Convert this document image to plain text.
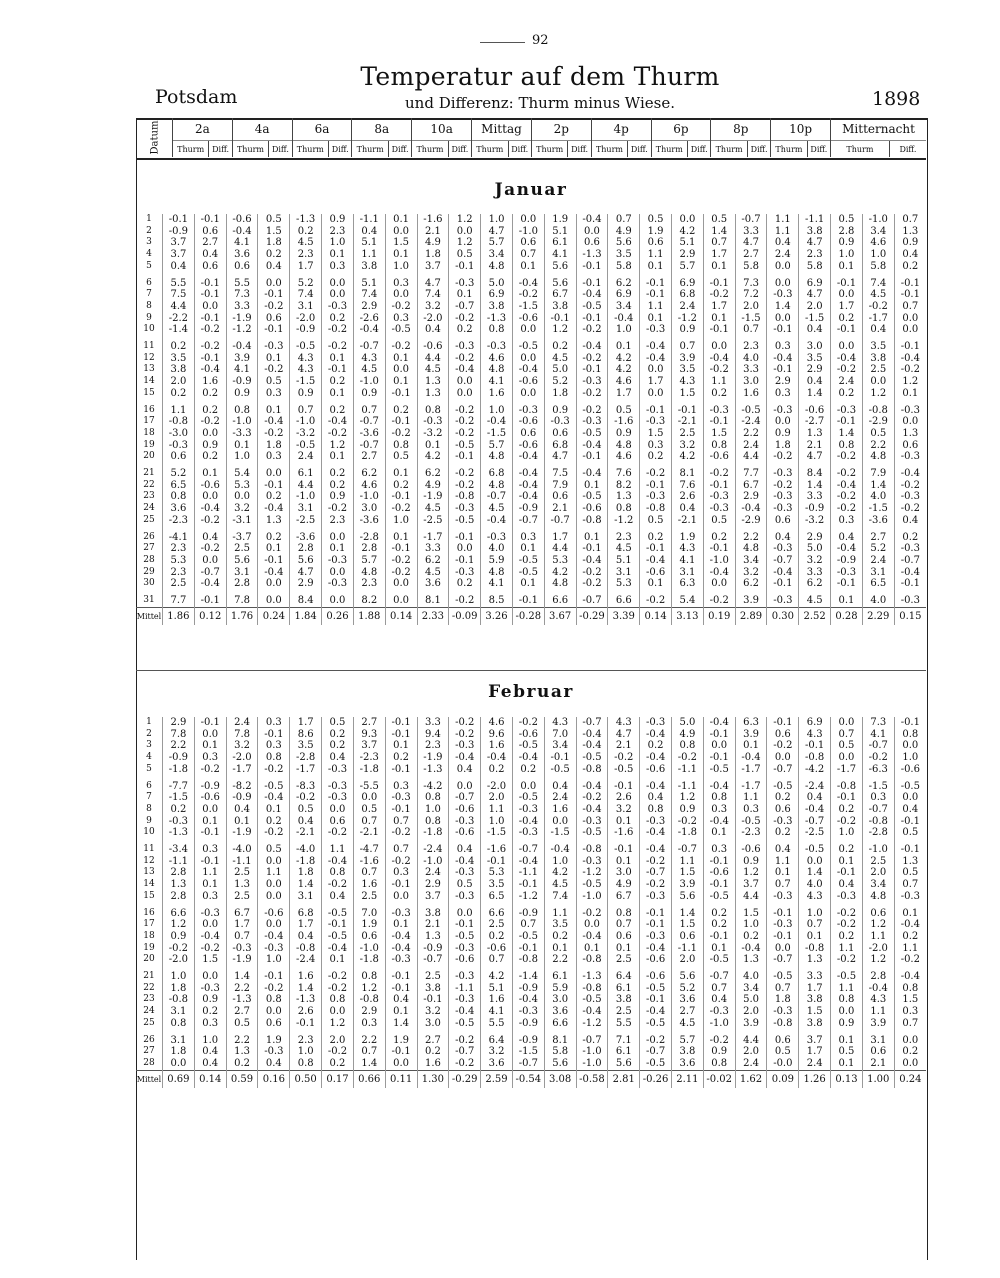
92
Potsdam
Temperatur auf dem Thurm
und Differenz: Thurm minus Wiese.	1898
Datum	2a		4a		6a		8a		10a		Mittag		2p		4p		6p		8p		10p		Mitternacht	
	Thurm	Diff.	Thurm	Diff.	Thurm	Diff.	Thurm	Diff.	Thurm	Diff.	Thurm	Diff.	Thurm	Diff.	Thurm	Diff.	Thurm	Diff.	Thurm	Diff.	Thurm	Diff.	Thurm	Diff.
Januar
1	-0.1	-0.1	-0.6	0.5	-1.3	0.9	-1.1	0.1	-1.6	1.2	1.0	0.0	1.9	-0.4	0.7	0.5	0.0	0.5	-0.7	1.1	-1.1	0.5	-1.0	0.7
2	-0.9	0.6	-0.4	1.5	0.2	2.3	0.4	0.0	2.1	0.0	4.7	-1.0	5.1	0.0	4.9	1.9	4.2	1.4	3.3	1.1	3.8	2.8	3.4	1.3
3	3.7	2.7	4.1	1.8	4.5	1.0	5.1	1.5	4.9	1.2	5.7	0.6	6.1	0.6	5.6	0.6	5.1	0.7	4.7	0.4	4.7	0.9	4.6	0.9
4	3.7	0.4	3.6	0.2	2.3	0.1	1.1	0.1	1.8	0.5	3.4	0.7	4.1	-1.3	3.5	1.1	2.9	1.7	2.7	2.4	2.3	1.0	1.0	0.4
5	0.4	0.6	0.6	0.4	1.7	0.3	3.8	1.0	3.7	-0.1	4.8	0.1	5.6	-0.1	5.8	0.1	5.7	0.1	5.8	0.0	5.8	0.1	5.8	0.2

6	5.5	-0.1	5.5	0.0	5.2	0.0	5.1	0.3	4.7	-0.3	5.0	-0.4	5.6	-0.1	6.2	-0.1	6.9	-0.1	7.3	0.0	6.9	-0.1	7.4	-0.1
7	7.5	-0.1	7.3	-0.1	7.4	0.0	7.4	0.0	7.4	0.1	6.9	-0.2	6.7	-0.4	6.9	-0.1	6.8	-0.2	7.2	-0.3	4.7	0.0	4.5	-0.1
8	4.4	0.0	3.3	-0.2	3.1	-0.3	2.9	-0.2	3.2	-0.7	3.8	-1.5	3.8	-0.5	3.4	1.1	2.4	1.7	2.0	1.4	2.0	1.7	-0.2	0.7
9	-2.2	-0.1	-1.9	0.6	-2.0	0.2	-2.6	0.3	-2.0	-0.2	-1.3	-0.6	-0.1	-0.1	-0.4	0.1	-1.2	0.1	-1.5	0.0	-1.5	0.2	-1.7	0.0
10	-1.4	-0.2	-1.2	-0.1	-0.9	-0.2	-0.4	-0.5	0.4	0.2	0.8	0.0	1.2	-0.2	1.0	-0.3	0.9	-0.1	0.7	-0.1	0.4	-0.1	0.4	0.0

11	0.2	-0.2	-0.4	-0.3	-0.5	-0.2	-0.7	-0.2	-0.6	-0.3	-0.3	-0.5	0.2	-0.4	0.1	-0.4	0.7	0.0	2.3	0.3	3.0	0.0	3.5	-0.1
12	3.5	-0.1	3.9	0.1	4.3	0.1	4.3	0.1	4.4	-0.2	4.6	0.0	4.5	-0.2	4.2	-0.4	3.9	-0.4	4.0	-0.4	3.5	-0.4	3.8	-0.4
13	3.8	-0.4	4.1	-0.2	4.3	-0.1	4.5	0.0	4.5	-0.4	4.8	-0.4	5.0	-0.1	4.2	0.0	3.5	-0.2	3.3	-0.1	2.9	-0.2	2.5	-0.2
14	2.0	1.6	-0.9	0.5	-1.5	0.2	-1.0	0.1	1.3	0.0	4.1	-0.6	5.2	-0.3	4.6	1.7	4.3	1.1	3.0	2.9	0.4	2.4	0.0	1.2
15	0.2	0.2	0.9	0.3	0.9	0.1	0.9	-0.1	1.3	0.0	1.6	0.0	1.8	-0.2	1.7	0.0	1.5	0.2	1.6	0.3	1.4	0.2	1.2	0.1

16	1.1	0.2	0.8	0.1	0.7	0.2	0.7	0.2	0.8	-0.2	1.0	-0.3	0.9	-0.2	0.5	-0.1	-0.1	-0.3	-0.5	-0.3	-0.6	-0.3	-0.8	-0.3
17	-0.8	-0.2	-1.0	-0.4	-1.0	-0.4	-0.7	-0.1	-0.3	-0.2	-0.4	-0.6	-0.3	-0.3	-1.6	-0.3	-2.1	-0.1	-2.4	0.0	-2.7	-0.1	-2.9	0.0
18	-3.0	0.0	-3.3	-0.2	-3.2	-0.2	-3.6	-0.2	-3.2	-0.2	-1.5	0.6	0.6	-0.5	0.9	1.5	2.5	1.5	2.2	0.9	1.3	1.4	0.5	1.3
19	-0.3	0.9	0.1	1.8	-0.5	1.2	-0.7	0.8	0.1	-0.5	5.7	-0.6	6.8	-0.4	4.8	0.3	3.2	0.8	2.4	1.8	2.1	0.8	2.2	0.6
20	0.6	0.2	1.0	0.3	2.4	0.1	2.7	0.5	4.2	-0.1	4.8	-0.4	4.7	-0.1	4.6	0.2	4.2	-0.6	4.4	-0.2	4.7	-0.2	4.8	-0.3

21	5.2	0.1	5.4	0.0	6.1	0.2	6.2	0.1	6.2	-0.2	6.8	-0.4	7.5	-0.4	7.6	-0.2	8.1	-0.2	7.7	-0.3	8.4	-0.2	7.9	-0.4
22	6.5	-0.6	5.3	-0.1	4.4	0.2	4.6	0.2	4.9	-0.2	4.8	-0.4	7.9	0.1	8.2	-0.1	7.6	-0.1	6.7	-0.2	1.4	-0.4	1.4	-0.2
23	0.8	0.0	0.0	0.2	-1.0	0.9	-1.0	-0.1	-1.9	-0.8	-0.7	-0.4	0.6	-0.5	1.3	-0.3	2.6	-0.3	2.9	-0.3	3.3	-0.2	4.0	-0.3
24	3.6	-0.4	3.2	-0.4	3.1	-0.2	3.0	-0.2	4.5	-0.3	4.5	-0.9	2.1	-0.6	0.8	-0.8	0.4	-0.3	-0.4	-0.3	-0.9	-0.2	-1.5	-0.2
25	-2.3	-0.2	-3.1	1.3	-2.5	2.3	-3.6	1.0	-2.5	-0.5	-0.4	-0.7	-0.7	-0.8	-1.2	0.5	-2.1	0.5	-2.9	0.6	-3.2	0.3	-3.6	0.4

26	-4.1	0.4	-3.7	0.2	-3.6	0.0	-2.8	0.1	-1.7	-0.1	-0.3	0.3	1.7	0.1	2.3	0.2	1.9	0.2	2.2	0.4	2.9	0.4	2.7	0.2
27	2.3	-0.2	2.5	0.1	2.8	0.1	2.8	-0.1	3.3	0.0	4.0	0.1	4.4	-0.1	4.5	-0.1	4.3	-0.1	4.8	-0.3	5.0	-0.4	5.2	-0.3
28	5.3	0.0	5.6	-0.1	5.6	-0.3	5.7	-0.2	6.2	-0.1	5.9	-0.5	5.3	-0.4	5.1	-0.4	4.1	-1.0	3.4	-0.7	3.2	-0.9	2.4	-0.7
29	2.3	-0.7	3.1	-0.4	4.7	0.0	4.8	-0.2	4.5	-0.3	4.8	-0.5	4.2	-0.2	3.1	-0.6	3.1	-0.4	3.2	-0.4	3.3	-0.3	3.1	-0.4
30	2.5	-0.4	2.8	0.0	2.9	-0.3	2.3	0.0	3.6	0.2	4.1	0.1	4.8	-0.2	5.3	0.1	6.3	0.0	6.2	-0.1	6.2	-0.1	6.5	-0.1

31	7.7	-0.1	7.8	0.0	8.4	0.0	8.2	0.0	8.1	-0.2	8.5	-0.1	6.6	-0.7	6.6	-0.2	5.4	-0.2	3.9	-0.3	4.5	0.1	4.0	-0.3
Mittel	1.86	0.12	1.76	0.24	1.84	0.26	1.88	0.14	2.33	-0.09	3.26	-0.28	3.67	-0.29	3.39	0.14	3.13	0.19	2.89	0.30	2.52	0.28	2.29	0.15
Februar
1	2.9	-0.1	2.4	0.3	1.7	0.5	2.7	-0.1	3.3	-0.2	4.6	-0.2	4.3	-0.7	4.3	-0.3	5.0	-0.4	6.3	-0.1	6.9	0.0	7.3	-0.1
2	7.8	0.0	7.8	-0.1	8.6	0.2	9.3	-0.1	9.4	-0.2	9.6	-0.6	7.0	-0.4	4.7	-0.4	4.9	-0.1	3.9	0.6	4.3	0.7	4.1	0.8
3	2.2	0.1	3.2	0.3	3.5	0.2	3.7	0.1	2.3	-0.3	1.6	-0.5	3.4	-0.4	2.1	0.2	0.8	0.0	0.1	-0.2	-0.1	0.5	-0.7	0.0
4	-0.9	0.3	-2.0	0.8	-2.8	0.4	-2.3	0.2	-1.9	-0.4	-0.4	-0.4	-0.1	-0.5	-0.2	-0.4	-0.2	-0.1	-0.4	0.0	-0.8	0.0	-0.2	1.0
5	-1.8	-0.2	-1.7	-0.2	-1.7	-0.3	-1.8	-0.1	-1.3	0.4	0.2	0.2	-0.5	-0.8	-0.5	-0.6	-1.1	-0.5	-1.7	-0.7	-4.2	-1.7	-6.3	-0.6

6	-7.7	-0.9	-8.2	-0.5	-8.3	-0.3	-5.5	0.3	-4.2	0.0	-2.0	0.0	0.4	-0.4	-0.1	-0.4	-1.1	-0.4	-1.7	-0.5	-2.4	-0.8	-1.5	-0.5
7	-1.5	-0.6	-0.9	-0.4	-0.2	-0.3	0.0	-0.3	0.8	-0.7	2.0	-0.5	2.4	-0.2	2.6	0.4	1.2	0.8	1.1	0.2	0.4	-0.1	0.3	0.0
8	0.2	0.0	0.4	0.1	0.5	0.0	0.5	-0.1	1.0	-0.6	1.1	-0.3	1.6	-0.4	3.2	0.8	0.9	0.3	0.3	0.6	-0.4	0.2	-0.7	0.4
9	-0.3	0.1	0.1	0.2	0.4	0.6	0.7	0.7	0.8	-0.3	1.0	-0.4	0.0	-0.3	0.1	-0.3	-0.2	-0.4	-0.5	-0.3	-0.7	-0.2	-0.8	-0.1
10	-1.3	-0.1	-1.9	-0.2	-2.1	-0.2	-2.1	-0.2	-1.8	-0.6	-1.5	-0.3	-1.5	-0.5	-1.6	-0.4	-1.8	0.1	-2.3	0.2	-2.5	1.0	-2.8	0.5

11	-3.4	0.3	-4.0	0.5	-4.0	1.1	-4.7	0.7	-2.4	0.4	-1.6	-0.7	-0.4	-0.8	-0.1	-0.4	-0.7	0.3	-0.6	0.4	-0.5	0.2	-1.0	-0.1
12	-1.1	-0.1	-1.1	0.0	-1.8	-0.4	-1.6	-0.2	-1.0	-0.4	-0.1	-0.4	1.0	-0.3	0.1	-0.2	1.1	-0.1	0.9	1.1	0.0	0.1	2.5	1.3
13	2.8	1.1	2.5	1.1	1.8	0.8	0.7	0.3	2.4	-0.3	5.3	-1.1	4.2	-1.2	3.0	-0.7	1.5	-0.6	1.2	0.1	1.4	-0.1	2.0	0.5
14	1.3	0.1	1.3	0.0	1.4	-0.2	1.6	-0.1	2.9	0.5	3.5	-0.1	4.5	-0.5	4.9	-0.2	3.9	-0.1	3.7	0.7	4.0	0.4	3.4	0.7
15	2.8	0.3	2.5	0.0	3.1	0.4	2.5	0.0	3.7	-0.3	6.5	-1.2	7.4	-1.0	6.7	-0.3	5.6	-0.5	4.4	-0.3	4.3	-0.3	4.8	-0.3

16	6.6	-0.3	6.7	-0.6	6.8	-0.5	7.0	-0.3	3.8	0.0	6.6	-0.9	1.1	-0.2	0.8	-0.1	1.4	0.2	1.5	-0.1	1.0	-0.2	0.6	0.1
17	1.2	0.0	1.7	0.0	1.7	-0.1	1.9	0.1	2.1	-0.1	2.5	0.7	3.5	0.0	0.7	-0.1	1.5	0.2	1.0	-0.3	0.7	-0.2	1.2	-0.4
18	0.9	-0.4	0.7	-0.4	0.4	-0.5	0.6	-0.4	1.3	-0.5	0.2	-0.5	0.2	-0.4	0.6	-0.3	0.6	-0.1	0.2	-0.1	0.1	0.2	1.1	0.2
19	-0.2	-0.2	-0.3	-0.3	-0.8	-0.4	-1.0	-0.4	-0.9	-0.3	-0.6	-0.1	0.1	0.1	0.1	-0.4	-1.1	0.1	-0.4	0.0	-0.8	1.1	-2.0	1.1
20	-2.0	1.5	-1.9	1.0	-2.4	0.1	-1.8	-0.3	-0.7	-0.6	0.7	-0.8	2.2	-0.8	2.5	-0.6	2.0	-0.5	1.3	-0.7	1.3	-0.2	1.2	-0.2

21	1.0	0.0	1.4	-0.1	1.6	-0.2	0.8	-0.1	2.5	-0.3	4.2	-1.4	6.1	-1.3	6.4	-0.6	5.6	-0.7	4.0	-0.5	3.3	-0.5	2.8	-0.4
22	1.8	-0.3	2.2	-0.2	1.4	-0.2	1.2	-0.1	3.8	-1.1	5.1	-0.9	5.9	-0.8	6.1	-0.5	5.2	0.7	3.4	0.7	1.7	1.1	-0.4	0.8
23	-0.8	0.9	-1.3	0.8	-1.3	0.8	-0.8	0.4	-0.1	-0.3	1.6	-0.4	3.0	-0.5	3.8	-0.1	3.6	0.4	5.0	1.8	3.8	0.8	4.3	1.5
24	3.1	0.2	2.7	0.0	2.6	0.0	2.9	0.1	3.2	-0.4	4.1	-0.3	3.6	-0.4	2.5	-0.4	2.7	-0.3	2.0	-0.3	1.5	0.0	1.1	0.3
25	0.8	0.3	0.5	0.6	-0.1	1.2	0.3	1.4	3.0	-0.5	5.5	-0.9	6.6	-1.2	5.5	-0.5	4.5	-1.0	3.9	-0.8	3.8	0.9	3.9	0.7

26	3.1	1.0	2.2	1.9	2.3	2.0	2.2	1.9	2.7	-0.2	6.4	-0.9	8.1	-0.7	7.1	-0.2	5.7	-0.2	4.4	0.6	3.7	0.1	3.1	0.0
27	1.8	0.4	1.3	-0.3	1.0	-0.2	0.7	-0.1	0.2	-0.7	3.2	-1.5	5.8	-1.0	6.1	-0.7	3.8	0.9	2.0	0.5	1.7	0.5	0.6	0.2
28	0.0	0.4	0.2	0.4	0.8	0.2	1.4	0.0	1.6	-0.2	3.6	-0.7	5.6	-1.0	5.6	-0.5	3.6	0.8	2.4	-0.0	2.4	0.1	2.1	0.0
Mittel	0.69	0.14	0.59	0.16	0.50	0.17	0.66	0.11	1.30	-0.29	2.59	-0.54	3.08	-0.58	2.81	-0.26	2.11	-0.02	1.62	0.09	1.26	0.13	1.00	0.24
